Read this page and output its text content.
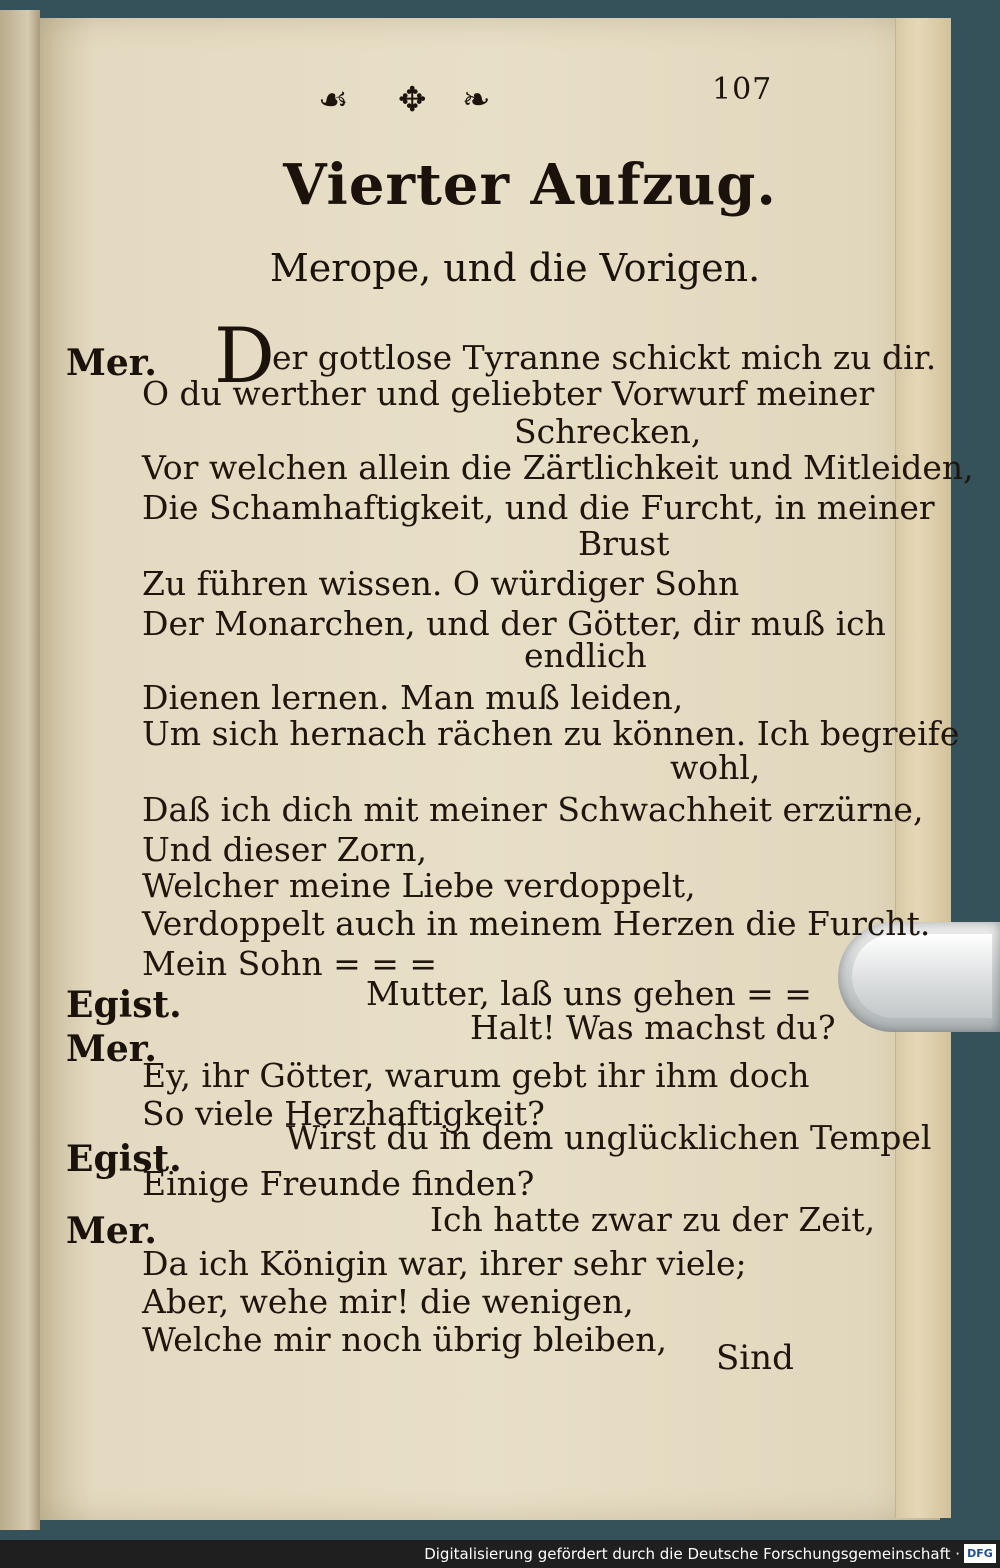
☙ ✥ ❧	107
Vierter Aufzug.
Merope, und die Vorigen.
Mer. D
er gottlose Tyranne schickt mich zu dir.
O du werther und geliebter Vorwurf meiner
Schrecken,
Vor welchen allein die Zärtlichkeit und Mitleiden,
Die Schamhaftigkeit, und die Furcht, in meiner
Brust
Zu führen wissen. O würdiger Sohn
Der Monarchen, und der Götter, dir muß ich
endlich
Dienen lernen. Man muß leiden,
Um sich hernach rächen zu können. Ich begreife
wohl,
Daß ich dich mit meiner Schwachheit erzürne,
Und dieser Zorn,
Welcher meine Liebe verdoppelt,
Verdoppelt auch in meinem Herzen die Furcht.
Mein Sohn = = =
Egist.	Mutter, laß uns gehen = =
Mer.
Halt! Was machst du?
Ey, ihr Götter, warum gebt ihr ihm doch
So viele Herzhaftigkeit?
Egist.
Wirst du in dem unglücklichen Tempel
Einige Freunde finden?
Mer.	Ich hatte zwar zu der Zeit,
Da ich Königin war, ihrer sehr viele;
Aber, wehe mir! die wenigen,
Welche mir noch übrig bleiben, Sind
Digitalisierung gefördert durch die Deutsche Forschungsgemeinschaft · DFG
